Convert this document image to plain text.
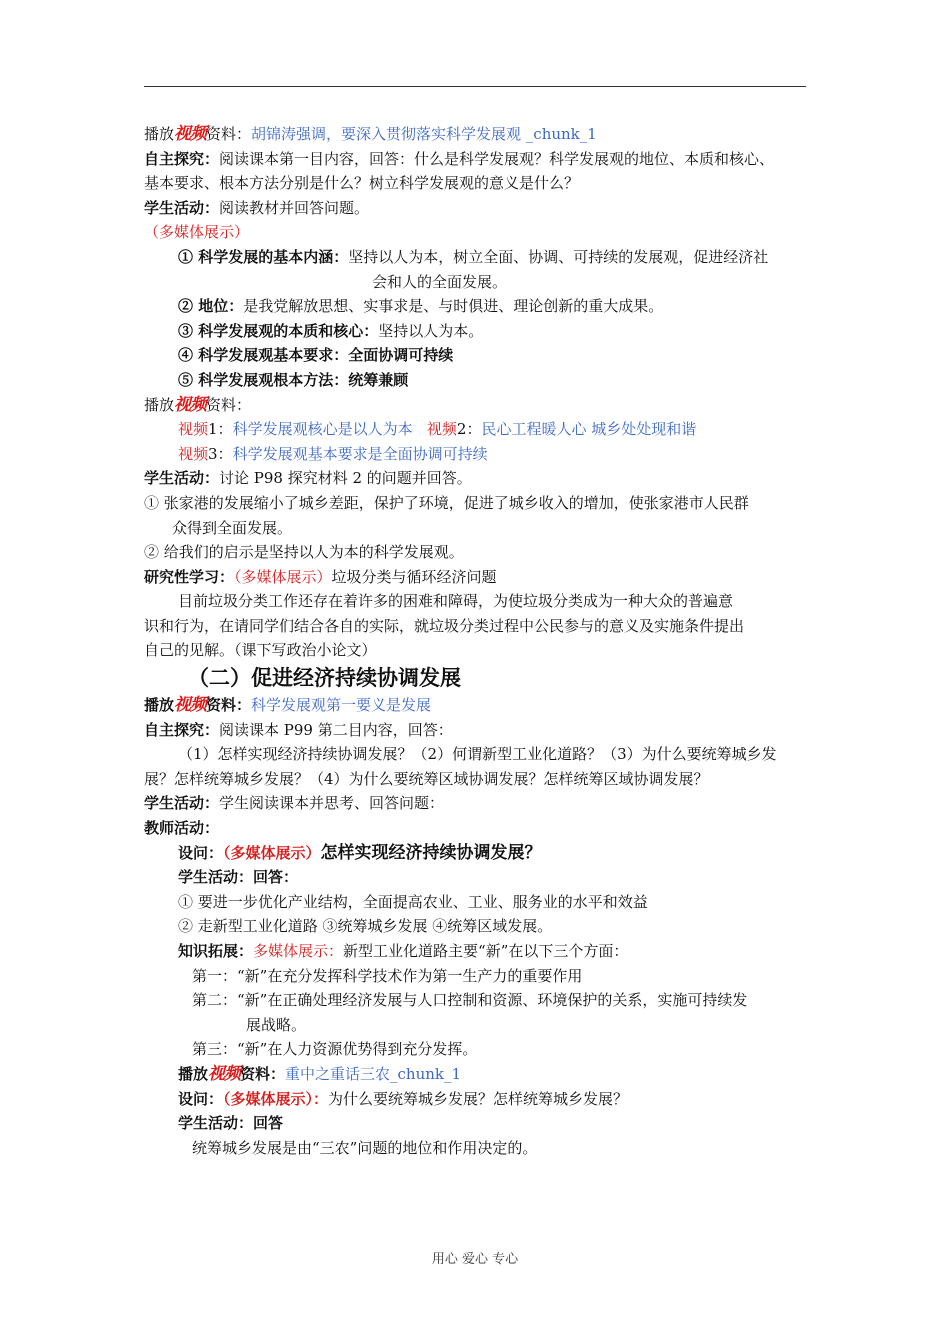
播放视频资料：胡锦涛强调，要深入贯彻落实科学发展观 _chunk_1

自主探究：阅读课本第一目内容，回答：什么是科学发展观？科学发展观的地位、本质和核心、

基本要求、根本方法分别是什么？树立科学发展观的意义是什么？

学生活动：阅读教材并回答问题。

（多媒体展示）

① 科学发展的基本内涵：坚持以人为本，树立全面、协调、可持续的发展观，促进经济社

会和人的全面发展。

② 地位：是我党解放思想、实事求是、与时俱进、理论创新的重大成果。

③ 科学发展观的本质和核心：坚持以人为本。

④ 科学发展观基本要求：全面协调可持续

⑤ 科学发展观根本方法：统筹兼顾

播放视频资料：

视频1：科学发展观核心是以人为本 视频2：民心工程暖人心 城乡处处现和谐

视频3：科学发展观基本要求是全面协调可持续

学生活动：讨论 P98 探究材料 2 的问题并回答。

① 张家港的发展缩小了城乡差距，保护了环境，促进了城乡收入的增加，使张家港市人民群

众得到全面发展。

② 给我们的启示是坚持以人为本的科学发展观。

研究性学习：（多媒体展示）垃圾分类与循环经济问题

目前垃圾分类工作还存在着许多的困难和障碍，为使垃圾分类成为一种大众的普遍意

识和行为，在请同学们结合各自的实际，就垃圾分类过程中公民参与的意义及实施条件提出

自己的见解。（课下写政治小论文）

（二）促进经济持续协调发展

播放视频资料：科学发展观第一要义是发展

自主探究：阅读课本 P99 第二目内容，回答：

（1）怎样实现经济持续协调发展？（2）何谓新型工业化道路？（3）为什么要统筹城乡发

展？怎样统筹城乡发展？（4）为什么要统筹区域协调发展？怎样统筹区域协调发展？

学生活动：学生阅读课本并思考、回答问题：

教师活动：

设问：（多媒体展示）怎样实现经济持续协调发展？

学生活动：回答：

① 要进一步优化产业结构，全面提高农业、工业、服务业的水平和效益

② 走新型工业化道路 ③统筹城乡发展 ④统筹区域发展。

知识拓展：多媒体展示：新型工业化道路主要“新”在以下三个方面：

第一：“新”在充分发挥科学技术作为第一生产力的重要作用

第二：“新”在正确处理经济发展与人口控制和资源、环境保护的关系，实施可持续发

展战略。

第三：“新”在人力资源优势得到充分发挥。

播放视频资料：重中之重话三农_chunk_1

设问：（多媒体展示）：为什么要统筹城乡发展？怎样统筹城乡发展？

学生活动：回答

统筹城乡发展是由“三农”问题的地位和作用决定的。

用心 爱心 专心
